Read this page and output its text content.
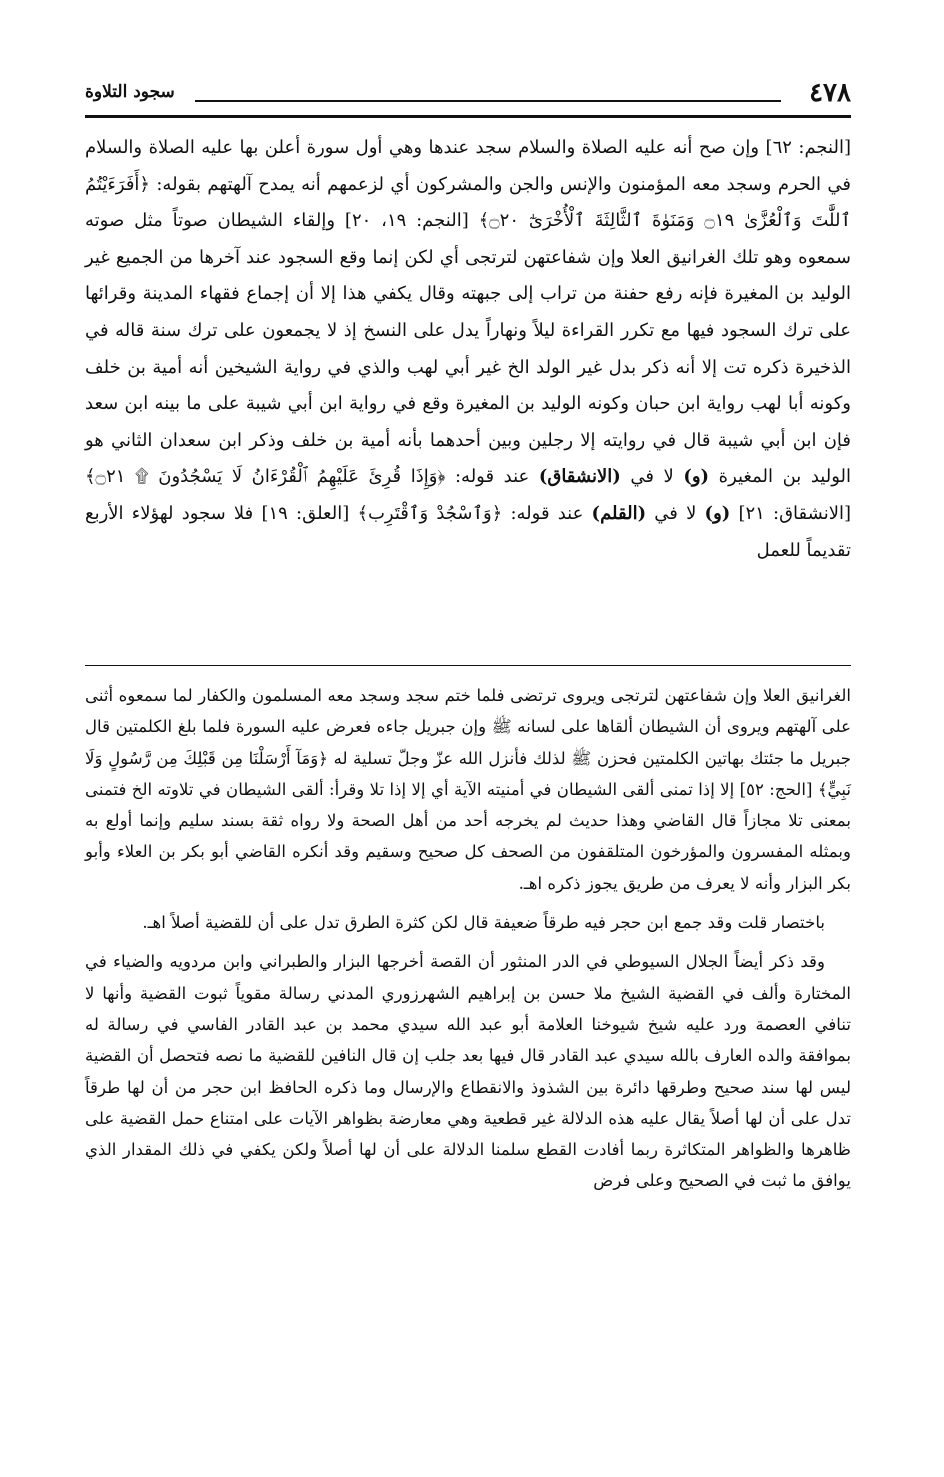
٤٧٨
سجود التلاوة

[النجم: ٦٢] وإن صح أنه عليه الصلاة والسلام سجد عندها وهي أول سورة أعلن بها عليه الصلاة والسلام في الحرم وسجد معه المؤمنون والإنس والجن والمشركون أي لزعمهم أنه يمدح آلهتهم بقوله: ﴿أَفَرَءَيْتُمُ ٱللَّٰتَ وَٱلْعُزَّىٰ ۝١٩ وَمَنَوٰةَ ٱلثَّالِثَةَ ٱلْأُخْرَىٰٓ ۝٢٠﴾ [النجم: ١٩، ٢٠] وإلقاء الشيطان صوتاً مثل صوته سمعوه وهو تلك الغرانيق العلا وإن شفاعتهن لترتجى أي لكن إنما وقع السجود عند آخرها من الجميع غير الوليد بن المغيرة فإنه رفع حفنة من تراب إلى جبهته وقال يكفي هذا إلا أن إجماع فقهاء المدينة وقرائها على ترك السجود فيها مع تكرر القراءة ليلاً ونهاراً يدل على النسخ إذ لا يجمعون على ترك سنة قاله في الذخيرة ذكره تت إلا أنه ذكر بدل غير الولد الخ غير أبي لهب والذي في رواية الشيخين أنه أمية بن خلف وكونه أبا لهب رواية ابن حبان وكونه الوليد بن المغيرة وقع في رواية ابن أبي شيبة على ما بينه ابن سعد فإن ابن أبي شيبة قال في روايته إلا رجلين وبين أحدهما بأنه أمية بن خلف وذكر ابن سعدان الثاني هو الوليد بن المغيرة (و) لا في (الانشقاق) عند قوله: ﴿وَإِذَا قُرِئَ عَلَيْهِمُ ٱلْقُرْءَانُ لَا يَسْجُدُونَ ۩ ۝٢١﴾ [الانشقاق: ٢١] (و) لا في (القلم) عند قوله: ﴿وَٱسْجُدْ وَٱقْتَرِب﴾ [العلق: ١٩] فلا سجود لهؤلاء الأربع تقديماً للعمل

الغرانيق العلا وإن شفاعتهن لترتجى ويروى ترتضى فلما ختم سجد وسجد معه المسلمون والكفار لما سمعوه أثنى على آلهتهم ويروى أن الشيطان ألقاها على لسانه ﷺ وإن جبريل جاءه فعرض عليه السورة فلما بلغ الكلمتين قال جبريل ما جئتك بهاتين الكلمتين فحزن ﷺ لذلك فأنزل الله عزّ وجلّ تسلية له ﴿وَمَآ أَرْسَلْنَا مِن قَبْلِكَ مِن رَّسُولٍ وَلَا نَبِيٍّ﴾ [الحج: ٥٢] إلا إذا تمنى ألقى الشيطان في أمنيته الآية أي إلا إذا تلا وقرأ: ألقى الشيطان في تلاوته الخ فتمنى بمعنى تلا مجازاً قال القاضي وهذا حديث لم يخرجه أحد من أهل الصحة ولا رواه ثقة بسند سليم وإنما أولع به وبمثله المفسرون والمؤرخون المتلقفون من الصحف كل صحيح وسقيم وقد أنكره القاضي أبو بكر بن العلاء وأبو بكر البزار وأنه لا يعرف من طريق يجوز ذكره اهـ.

باختصار قلت وقد جمع ابن حجر فيه طرقاً ضعيفة قال لكن كثرة الطرق تدل على أن للقضية أصلاً اهـ.

وقد ذكر أيضاً الجلال السيوطي في الدر المنثور أن القصة أخرجها البزار والطبراني وابن مردويه والضياء في المختارة وألف في القضية الشيخ ملا حسن بن إبراهيم الشهرزوري المدني رسالة مقوياً ثبوت القضية وأنها لا تنافي العصمة ورد عليه شيخ شيوخنا العلامة أبو عبد الله سيدي محمد بن عبد القادر الفاسي في رسالة له بموافقة والده العارف بالله سيدي عبد القادر قال فيها بعد جلب إن قال النافين للقضية ما نصه فتحصل أن القضية ليس لها سند صحيح وطرقها دائرة بين الشذوذ والانقطاع والإرسال وما ذكره الحافظ ابن حجر من أن لها طرقاً تدل على أن لها أصلاً يقال عليه هذه الدلالة غير قطعية وهي معارضة بظواهر الآيات على امتناع حمل القضية على ظاهرها والظواهر المتكاثرة ربما أفادت القطع سلمنا الدلالة على أن لها أصلاً ولكن يكفي في ذلك المقدار الذي يوافق ما ثبت في الصحيح وعلى فرض
